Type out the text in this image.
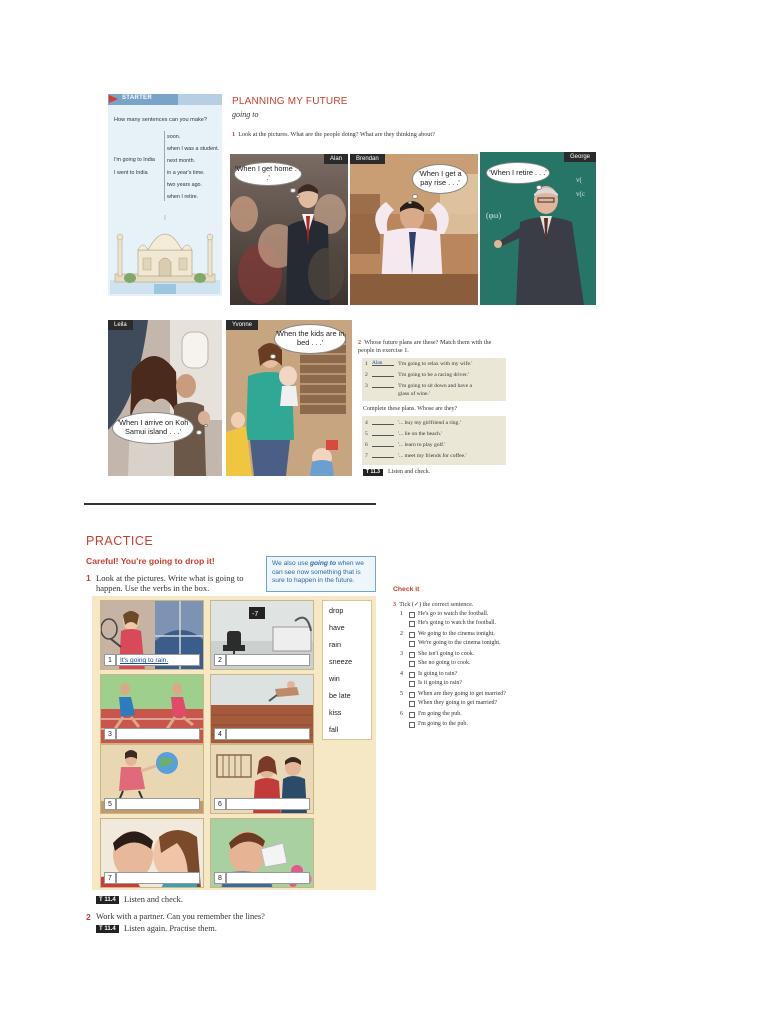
STARTER
How many sentences can you make?
I'm going to India
I went to India
soon.
when I was a student.
next month.
in a year's time.
two years ago.
when I retire.
PLANNING MY FUTURE
going to
1 Look at the pictures. What are the people doing? What are they thinking about?
Alan
'When I get home . . .'
Brendan
'When I get a pay rise . . .'
(φω)
v(
v(c
George
'When I retire . . .'
Leila
'When I arrive on Koh Samui island . . .'
Yvonne
'When the kids are in bed . . .'	2 Whose future plans are these? Match them with the people in exercise 1.
1 Alan	'I'm going to relax with my wife.'
2	'I'm going to be a racing driver.'
3	'I'm going to sit down and have a
glass of wine.'
Complete these plans. Whose are they?
4	'... buy my girlfriend a ring.'
5	'... lie on the beach.'
6	'... learn to play golf.'
7	'... meet my friends for coffee.'
T 11.3	Listen and check.
PRACTICE
Careful! You're going to drop it!
1 Look at the pictures. Write what is going to happen. Use the verbs in the box.
We also use going to when we can see now something that is sure to happen in the future.
1	It's going to rain.
-7
2
3	4
5	6
7	8
drop
have
rain
sneeze
win
be late
kiss
fall
T 11.4 Listen and check.
2 Work with a partner. Can you remember the lines?
T 11.4 Listen again. Practise them.
Check it
3 Tick (✓) the correct sentence.
1	He's go to watch the football.
He's going to watch the football.
2	We going to the cinema tonight.
We're going to the cinema tonight.
3	She isn't going to cook.
She no going to cook.
4	Is going to rain?
Is it going to rain?
5	When are they going to get married?
When they going to get married?
6	I'm going the pub.
I'm going to the pub.
